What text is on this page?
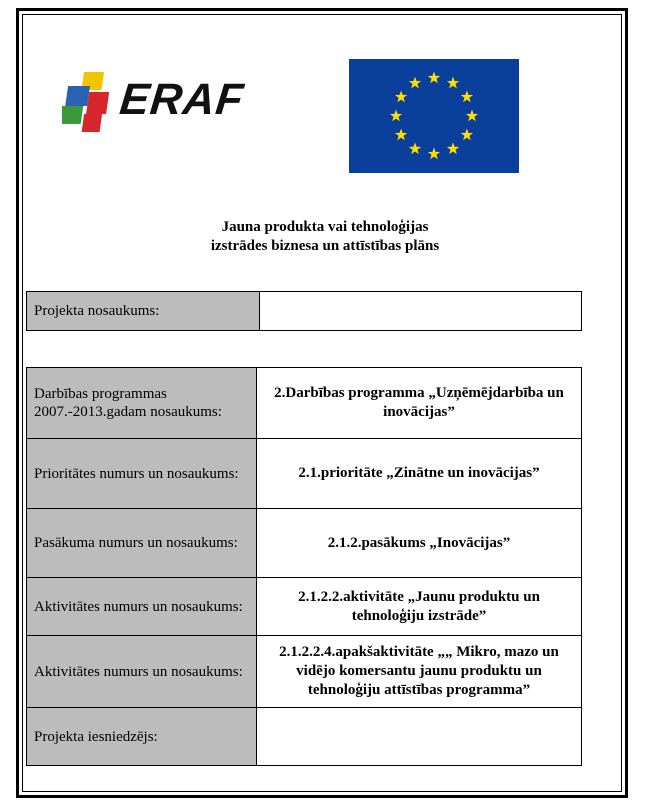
ERAF
Jauna produkta vai tehnoloģijas
izstrādes biznesa un attīstības plāns
Projekta nosaukums:
Darbības programmas 2007.-2013.gadam nosaukums:
2.Darbības programma „Uzņēmējdarbība un inovācijas”
Prioritātes numurs un nosaukums:	2.1.prioritāte „Zinātne un inovācijas”
Pasākuma numurs un nosaukums:	2.1.2.pasākums „Inovācijas”
Aktivitātes numurs un nosaukums:
2.1.2.2.aktivitāte „Jaunu produktu un tehnoloģiju izstrāde”
Aktivitātes numurs un nosaukums:
2.1.2.2.4.apakšaktivitāte „„ Mikro, mazo un vidējo komersantu jaunu produktu un tehnoloģiju attīstības programma”
Projekta iesniedzējs:
